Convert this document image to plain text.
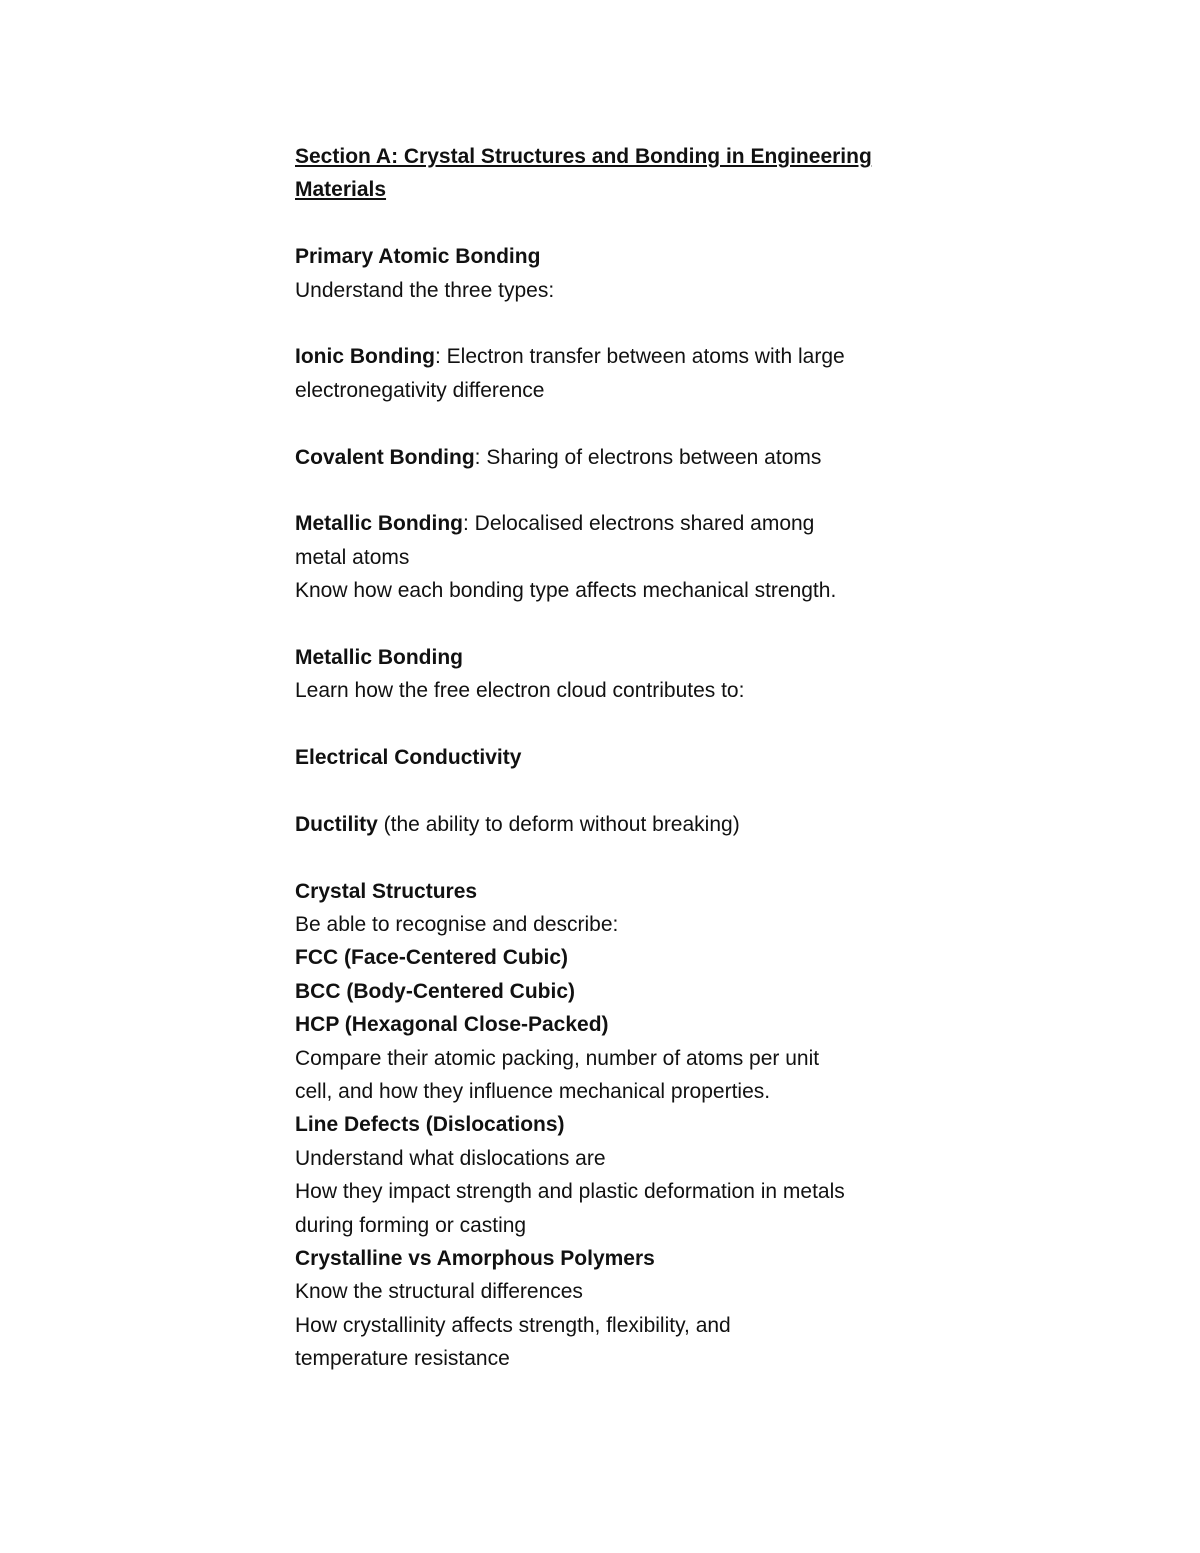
Section A: Crystal Structures and Bonding in Engineering
Materials
Primary Atomic Bonding
Understand the three types:
Ionic Bonding: Electron transfer between atoms with large
electronegativity difference
Covalent Bonding: Sharing of electrons between atoms
Metallic Bonding: Delocalised electrons shared among
metal atoms
Know how each bonding type affects mechanical strength.
Metallic Bonding
Learn how the free electron cloud contributes to:
Electrical Conductivity
Ductility (the ability to deform without breaking)
Crystal Structures
Be able to recognise and describe:
FCC (Face-Centered Cubic)
BCC (Body-Centered Cubic)
HCP (Hexagonal Close-Packed)
Compare their atomic packing, number of atoms per unit
cell, and how they influence mechanical properties.
Line Defects (Dislocations)
Understand what dislocations are
How they impact strength and plastic deformation in metals
during forming or casting
Crystalline vs Amorphous Polymers
Know the structural differences
How crystallinity affects strength, flexibility, and
temperature resistance
